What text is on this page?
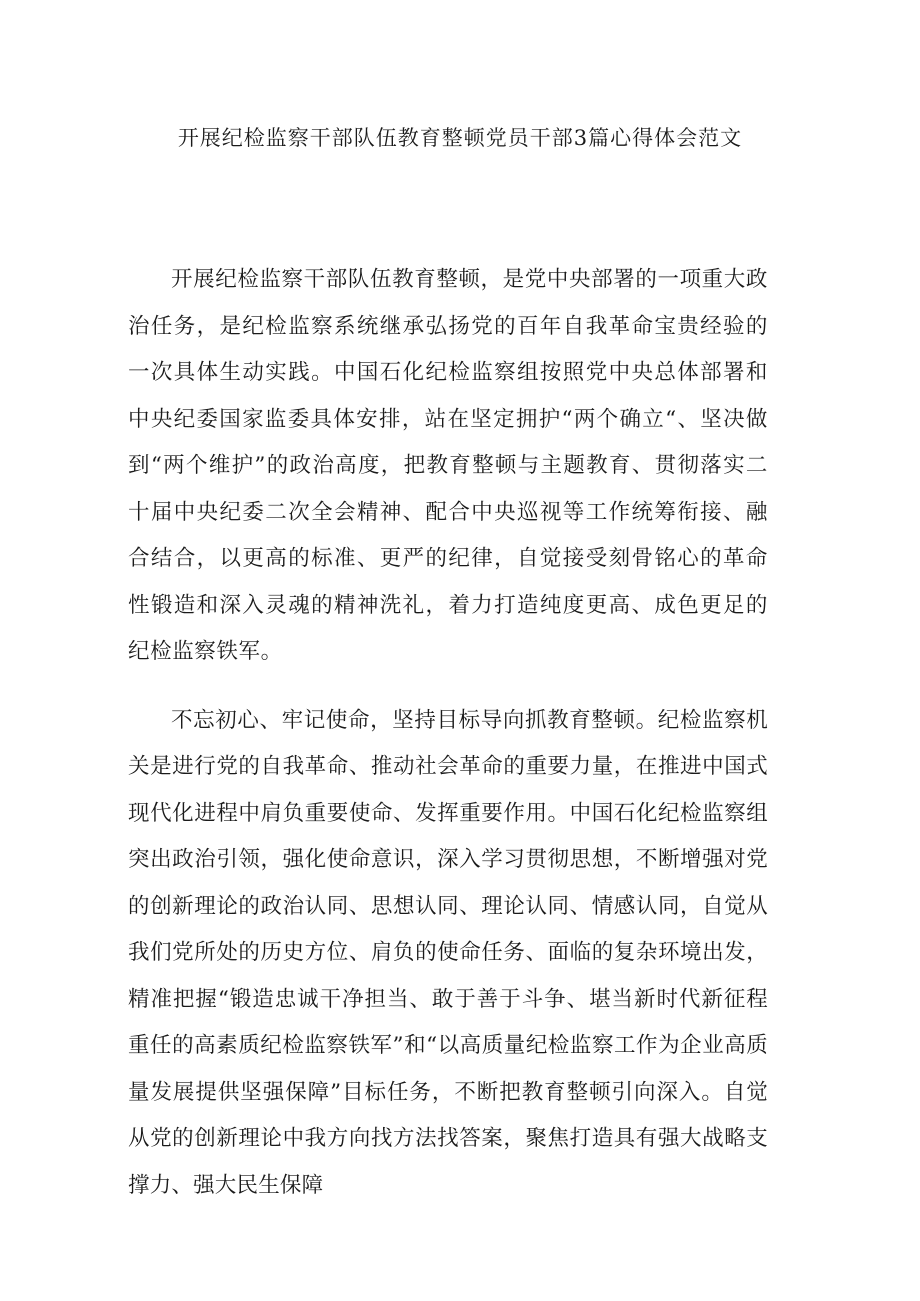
开展纪检监察干部队伍教育整顿党员干部3篇心得体会范文

开展纪检监察干部队伍教育整顿，是党中央部署的一项重大政治任务，是纪检监察系统继承弘扬党的百年自我革命宝贵经验的一次具体生动实践。中国石化纪检监察组按照党中央总体部署和中央纪委国家监委具体安排，站在坚定拥护“两个确立“、坚决做到“两个维护”的政治高度，把教育整顿与主题教育、贯彻落实二十届中央纪委二次全会精神、配合中央巡视等工作统筹衔接、融合结合，以更高的标准、更严的纪律，自觉接受刻骨铭心的革命性锻造和深入灵魂的精神洗礼，着力打造纯度更高、成色更足的纪检监察铁军。

不忘初心、牢记使命，坚持目标导向抓教育整顿。纪检监察机关是进行党的自我革命、推动社会革命的重要力量，在推进中国式现代化进程中肩负重要使命、发挥重要作用。中国石化纪检监察组突出政治引领，强化使命意识，深入学习贯彻思想，不断增强对党的创新理论的政治认同、思想认同、理论认同、情感认同，自觉从我们党所处的历史方位、肩负的使命任务、面临的复杂环境出发，精准把握“锻造忠诚干净担当、敢于善于斗争、堪当新时代新征程重任的高素质纪检监察铁军”和“以高质量纪检监察工作为企业高质量发展提供坚强保障”目标任务，不断把教育整顿引向深入。自觉从党的创新理论中我方向找方法找答案，聚焦打造具有强大战略支撑力、强大民生保障
